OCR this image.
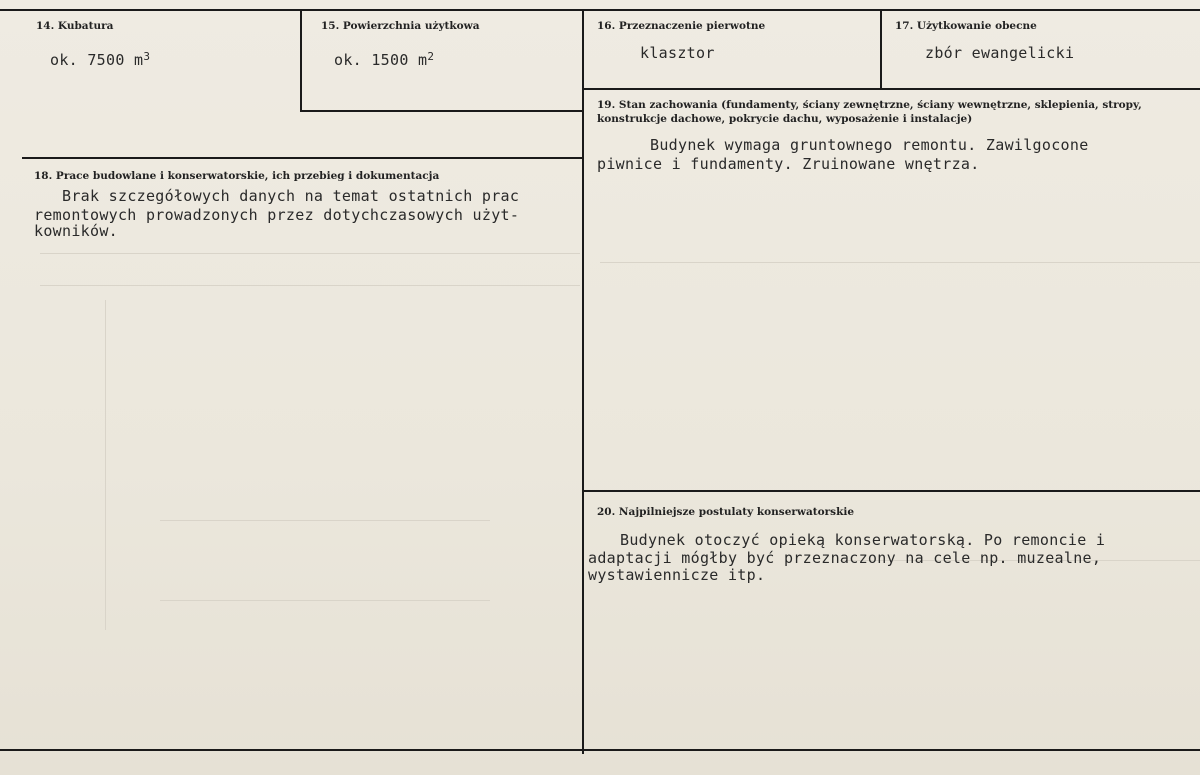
14. Kubatura
ok. 7500 $m^3$
15. Powierzchnia użytkowa
ok. 1500 $m^2$
16. Przeznaczenie pierwotne
klasztor
17. Użytkowanie obecne
zbór ewangelicki
19. Stan zachowania (fundamenty, ściany zewnętrzne, ściany wewnętrzne, sklepienia, stropy,
konstrukcje dachowe, pokrycie dachu, wyposażenie i instalacje)
Budynek wymaga gruntownego remontu. Zawilgocone
piwnice i fundamenty. Zruinowane wnętrza.
18. Prace budowlane i konserwatorskie, ich przebieg i dokumentacja
Brak szczegółowych danych na temat ostatnich prac
remontowych prowadzonych przez dotychczasowych użyt-
kowników.
20. Najpilniejsze postulaty konserwatorskie
Budynek otoczyć opieką konserwatorską. Po remoncie i
adaptacji mógłby być przeznaczony na cele np. muzealne,
wystawiennicze itp.
